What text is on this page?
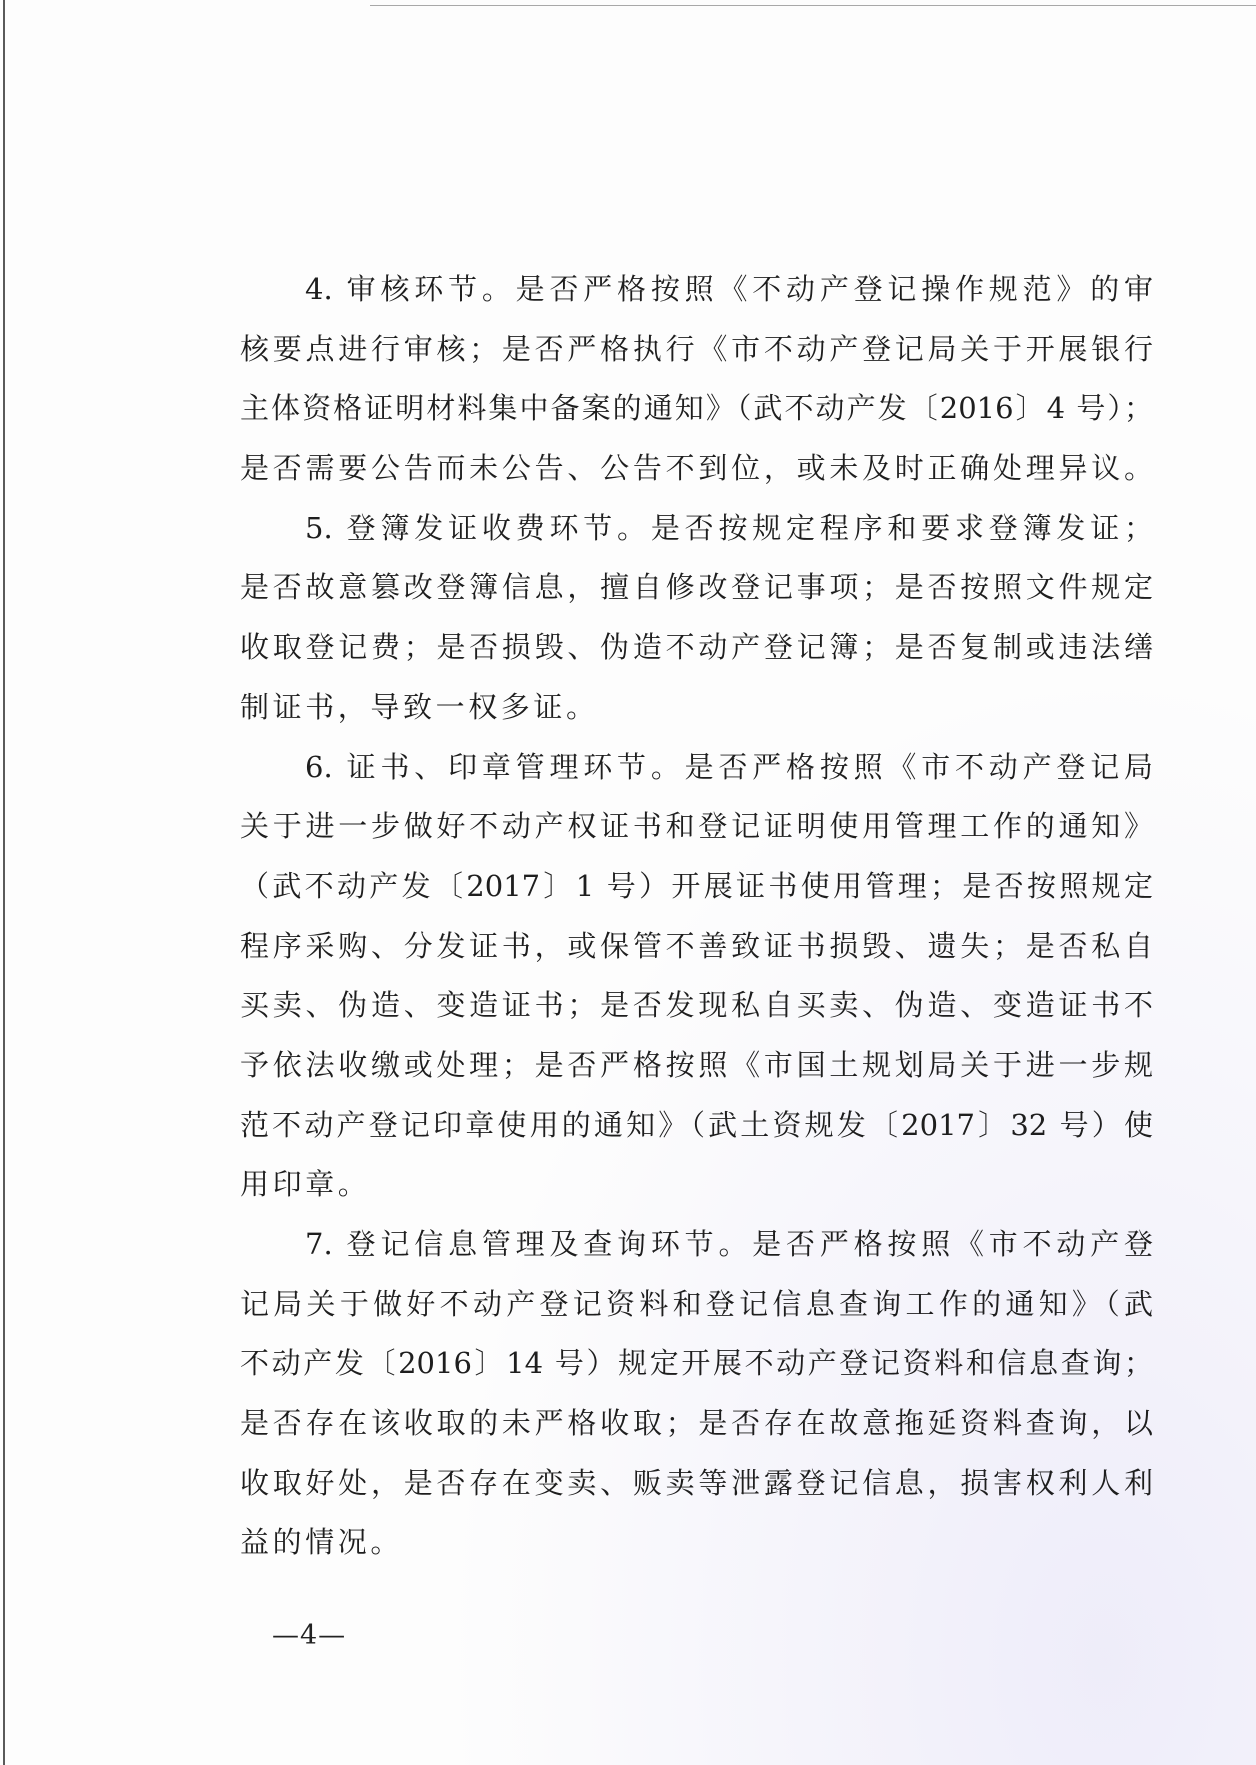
4. 审核环节。是否严格按照《不动产登记操作规范》的审
核要点进行审核；是否严格执行《市不动产登记局关于开展银行
主体资格证明材料集中备案的通知》（武不动产发〔2016〕4 号）；
是否需要公告而未公告、公告不到位，或未及时正确处理异议。
5. 登簿发证收费环节。是否按规定程序和要求登簿发证；
是否故意篡改登簿信息，擅自修改登记事项；是否按照文件规定
收取登记费；是否损毁、伪造不动产登记簿；是否复制或违法缮
制证书，导致一权多证。
6. 证书、印章管理环节。是否严格按照《市不动产登记局
关于进一步做好不动产权证书和登记证明使用管理工作的通知》
（武不动产发〔2017〕1 号）开展证书使用管理；是否按照规定
程序采购、分发证书，或保管不善致证书损毁、遗失；是否私自
买卖、伪造、变造证书；是否发现私自买卖、伪造、变造证书不
予依法收缴或处理；是否严格按照《市国土规划局关于进一步规
范不动产登记印章使用的通知》（武土资规发〔2017〕32 号）使
用印章。
7. 登记信息管理及查询环节。是否严格按照《市不动产登
记局关于做好不动产登记资料和登记信息查询工作的通知》（武
不动产发〔2016〕14 号）规定开展不动产登记资料和信息查询；
是否存在该收取的未严格收取；是否存在故意拖延资料查询，以
收取好处，是否存在变卖、贩卖等泄露登记信息，损害权利人利
益的情况。
—4—
